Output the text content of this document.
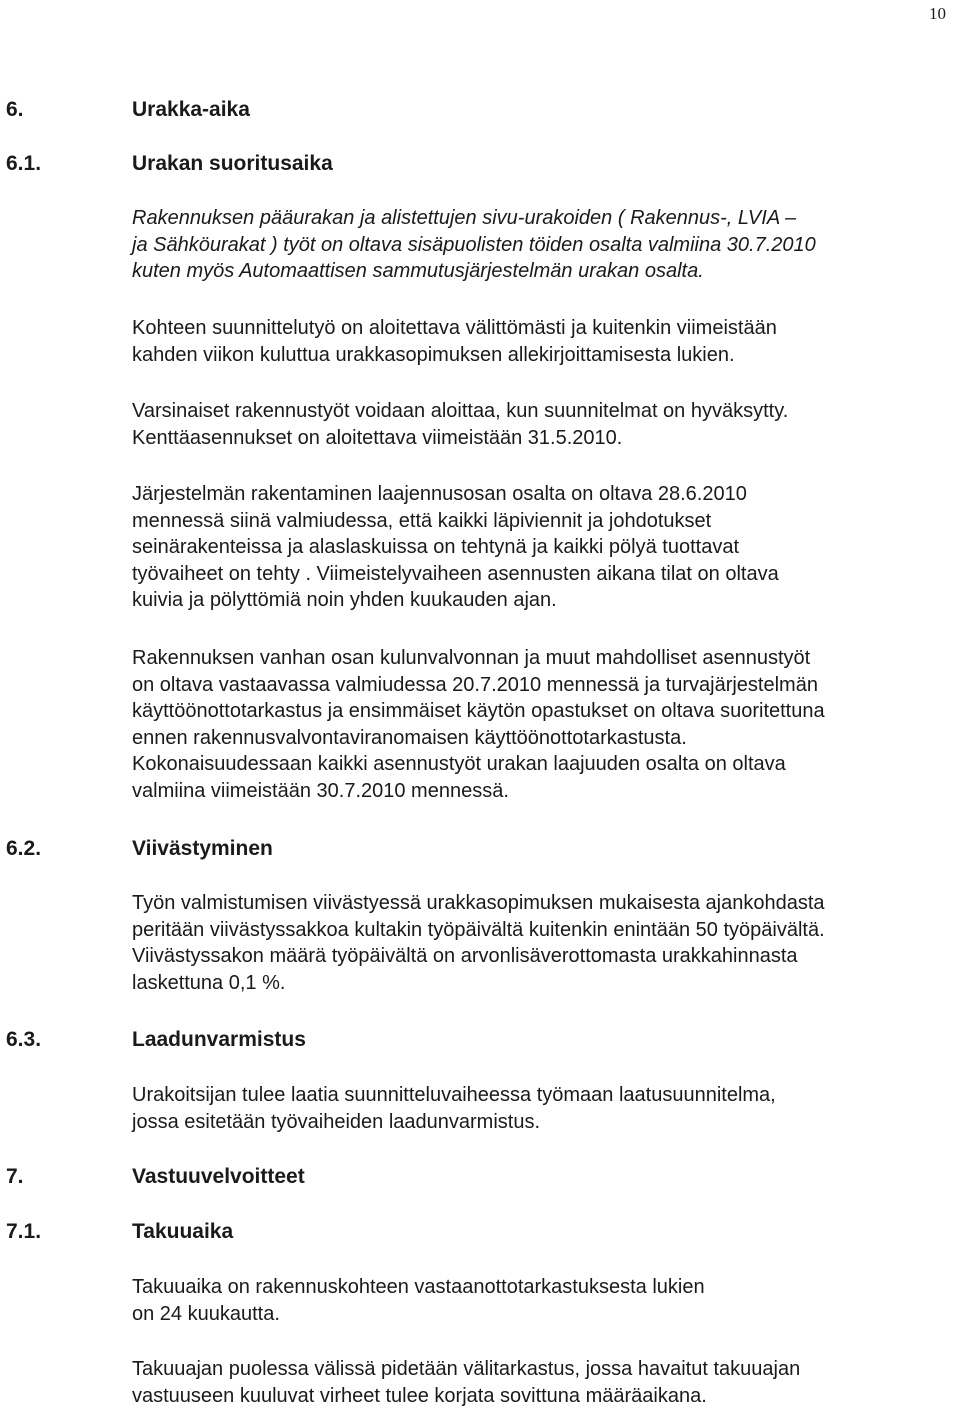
10
6.	Urakka-aika
6.1.	Urakan suoritusaika
Rakennuksen pääurakan ja alistettujen sivu-urakoiden ( Rakennus-, LVIA –
ja Sähköurakat ) työt on oltava sisäpuolisten töiden osalta valmiina 30.7.2010
kuten myös Automaattisen sammutusjärjestelmän urakan osalta.
Kohteen suunnittelutyö on aloitettava välittömästi ja kuitenkin viimeistään
kahden viikon kuluttua urakkasopimuksen allekirjoittamisesta lukien.
Varsinaiset rakennustyöt voidaan aloittaa, kun suunnitelmat on hyväksytty.
Kenttäasennukset on aloitettava viimeistään 31.5.2010.
Järjestelmän rakentaminen laajennusosan osalta on oltava 28.6.2010
mennessä siinä valmiudessa, että kaikki läpiviennit ja johdotukset
seinärakenteissa ja alaslaskuissa on tehtynä ja kaikki pölyä tuottavat
työvaiheet on tehty . Viimeistelyvaiheen asennusten aikana tilat on oltava
kuivia ja pölyttömiä noin yhden kuukauden ajan.
Rakennuksen vanhan osan kulunvalvonnan ja muut mahdolliset asennustyöt
on oltava vastaavassa valmiudessa 20.7.2010 mennessä ja turvajärjestelmän
käyttöönottotarkastus ja ensimmäiset käytön opastukset on oltava suoritettuna
ennen rakennusvalvontaviranomaisen käyttöönottotarkastusta.
Kokonaisuudessaan kaikki asennustyöt urakan laajuuden osalta on oltava
valmiina viimeistään 30.7.2010 mennessä.
6.2.	Viivästyminen
Työn valmistumisen viivästyessä urakkasopimuksen mukaisesta ajankohdasta
peritään viivästyssakkoa kultakin työpäivältä kuitenkin enintään 50 työpäivältä.
Viivästyssakon määrä työpäivältä on arvonlisäverottomasta urakkahinnasta
laskettuna 0,1 %.
6.3.	Laadunvarmistus
Urakoitsijan tulee laatia suunnitteluvaiheessa työmaan laatusuunnitelma,
jossa esitetään työvaiheiden laadunvarmistus.
7.	Vastuuvelvoitteet
7.1.	Takuuaika
Takuuaika on rakennuskohteen vastaanottotarkastuksesta lukien
on 24 kuukautta.
Takuuajan puolessa välissä pidetään välitarkastus, jossa havaitut takuuajan
vastuuseen kuuluvat virheet tulee korjata sovittuna määräaikana.
